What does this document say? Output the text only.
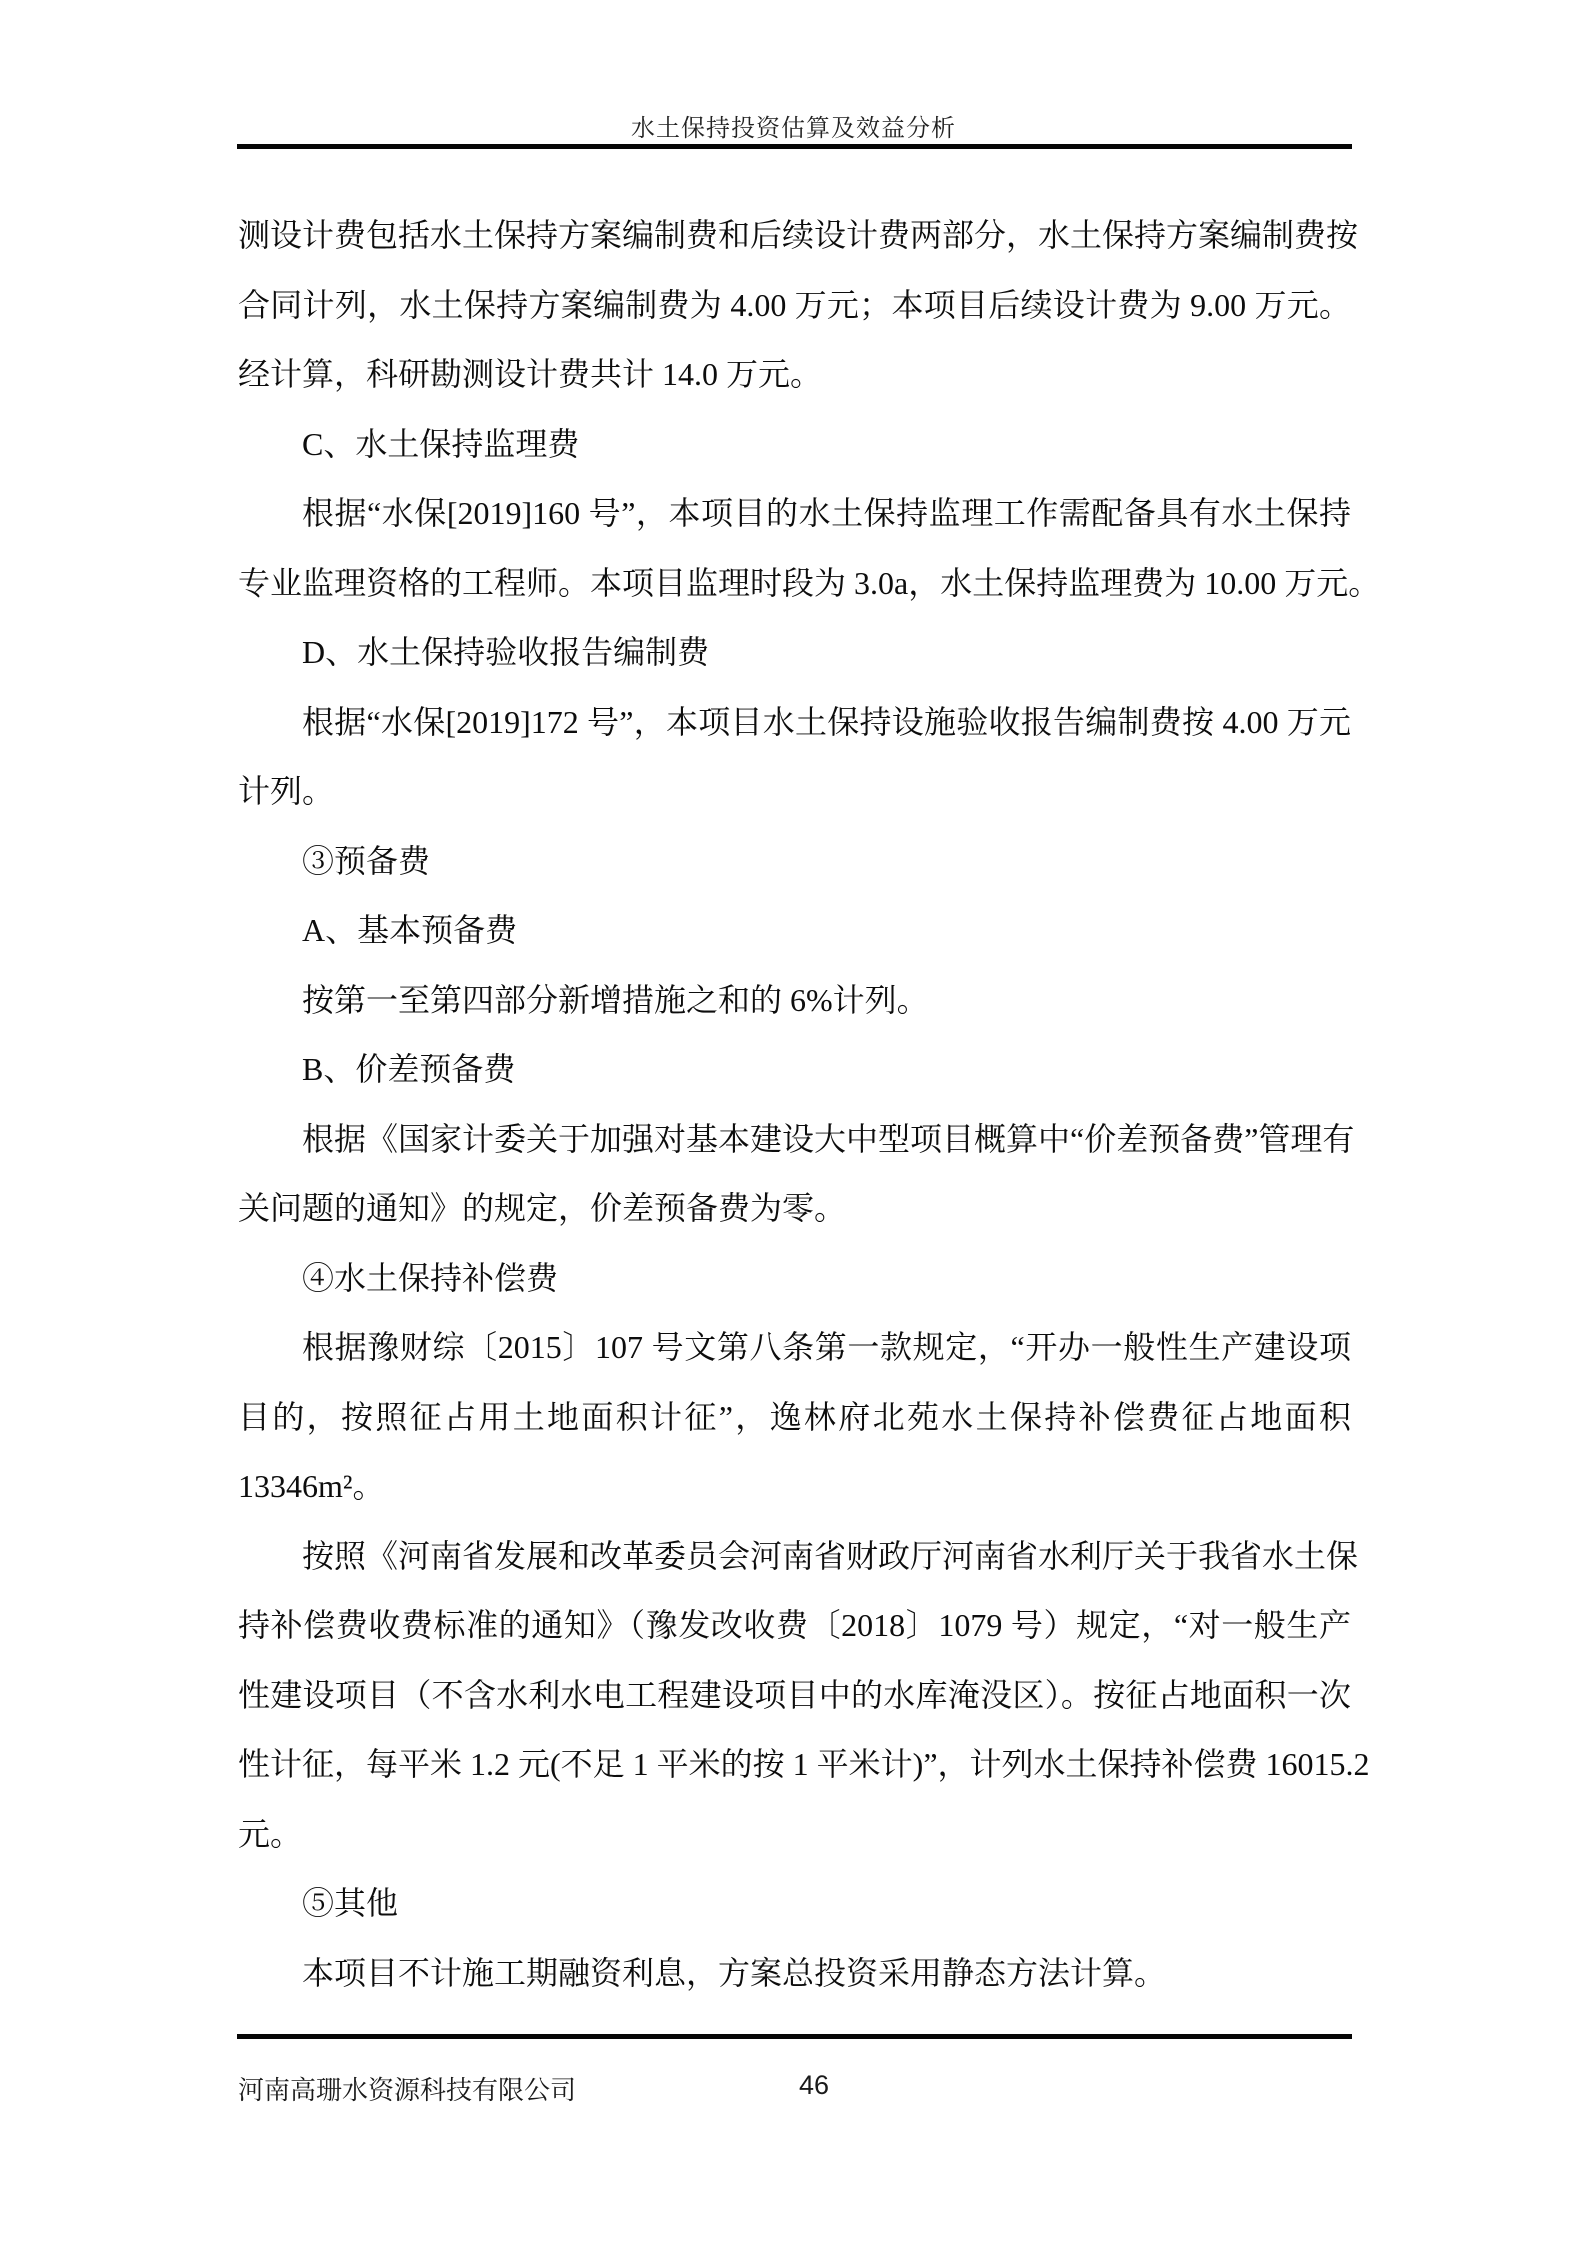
水土保持投资估算及效益分析
测设计费包括水土保持方案编制费和后续设计费两部分，水土保持方案编制费按
合同计列，水土保持方案编制费为 4.00 万元；本项目后续设计费为 9.00 万元。
经计算，科研勘测设计费共计 14.0 万元。
C、水土保持监理费
根据“水保[2019]160 号”，本项目的水土保持监理工作需配备具有水土保持
专业监理资格的工程师。本项目监理时段为 3.0a，水土保持监理费为 10.00 万元。
D、水土保持验收报告编制费
根据“水保[2019]172 号”，本项目水土保持设施验收报告编制费按 4.00 万元
计列。
③预备费
A、基本预备费
按第一至第四部分新增措施之和的 6%计列。
B、价差预备费
根据《国家计委关于加强对基本建设大中型项目概算中“价差预备费”管理有
关问题的通知》的规定，价差预备费为零。
④水土保持补偿费
根据豫财综〔2015〕107 号文第八条第一款规定，“开办一般性生产建设项
目的，按照征占用土地面积计征”，逸林府北苑水土保持补偿费征占地面积
13346m²。
按照《河南省发展和改革委员会河南省财政厅河南省水利厅关于我省水土保
持补偿费收费标准的通知》（豫发改收费〔2018〕1079 号）规定，“对一般生产
性建设项目（不含水利水电工程建设项目中的水库淹没区）。按征占地面积一次
性计征，每平米 1.2 元(不足 1 平米的按 1 平米计)”，计列水土保持补偿费 16015.2
元。
⑤其他
本项目不计施工期融资利息，方案总投资采用静态方法计算。
河南高珊水资源科技有限公司	46
